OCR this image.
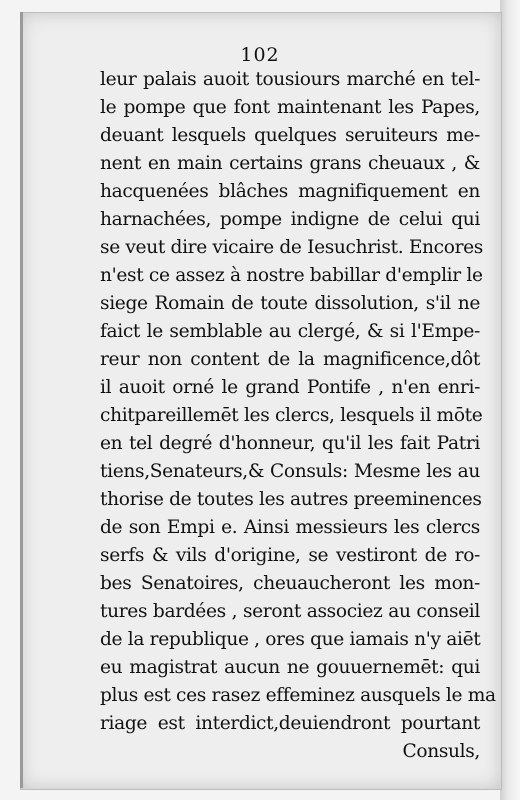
102
leur palais auoit tousiours marché en tel-
le pompe que font maintenant les Papes,
deuant lesquels quelques seruiteurs me-
nent en main certains grans cheuaux , &
hacquenées blâches magnifiquement en
harnachées, pompe indigne de celui qui
se veut dire vicaire de Iesuchrist. Encores
n'est ce assez à nostre babillar d'emplir le
siege Romain de toute dissolution, s'il ne
faict le semblable au clergé, & si l'Empe-
reur non content de la magnificence,dôt
il auoit orné le grand Pontife , n'en enri-
chitpareillemēt les clercs, lesquels il mōte
en tel degré d'honneur, qu'il les fait Patri
tiens,Senateurs,& Consuls: Mesme les au
thorise de toutes les autres preeminences
de son Empi e. Ainsi messieurs les clercs
serfs & vils d'origine, se vestiront de ro-
bes Senatoires, cheuaucheront les mon-
tures bardées , seront associez au conseil
de la republique , ores que iamais n'y aiēt
eu magistrat aucun ne gouuernemēt: qui
plus est ces rasez effeminez ausquels le ma
riage est interdict,deuiendront pourtant
Consuls,
